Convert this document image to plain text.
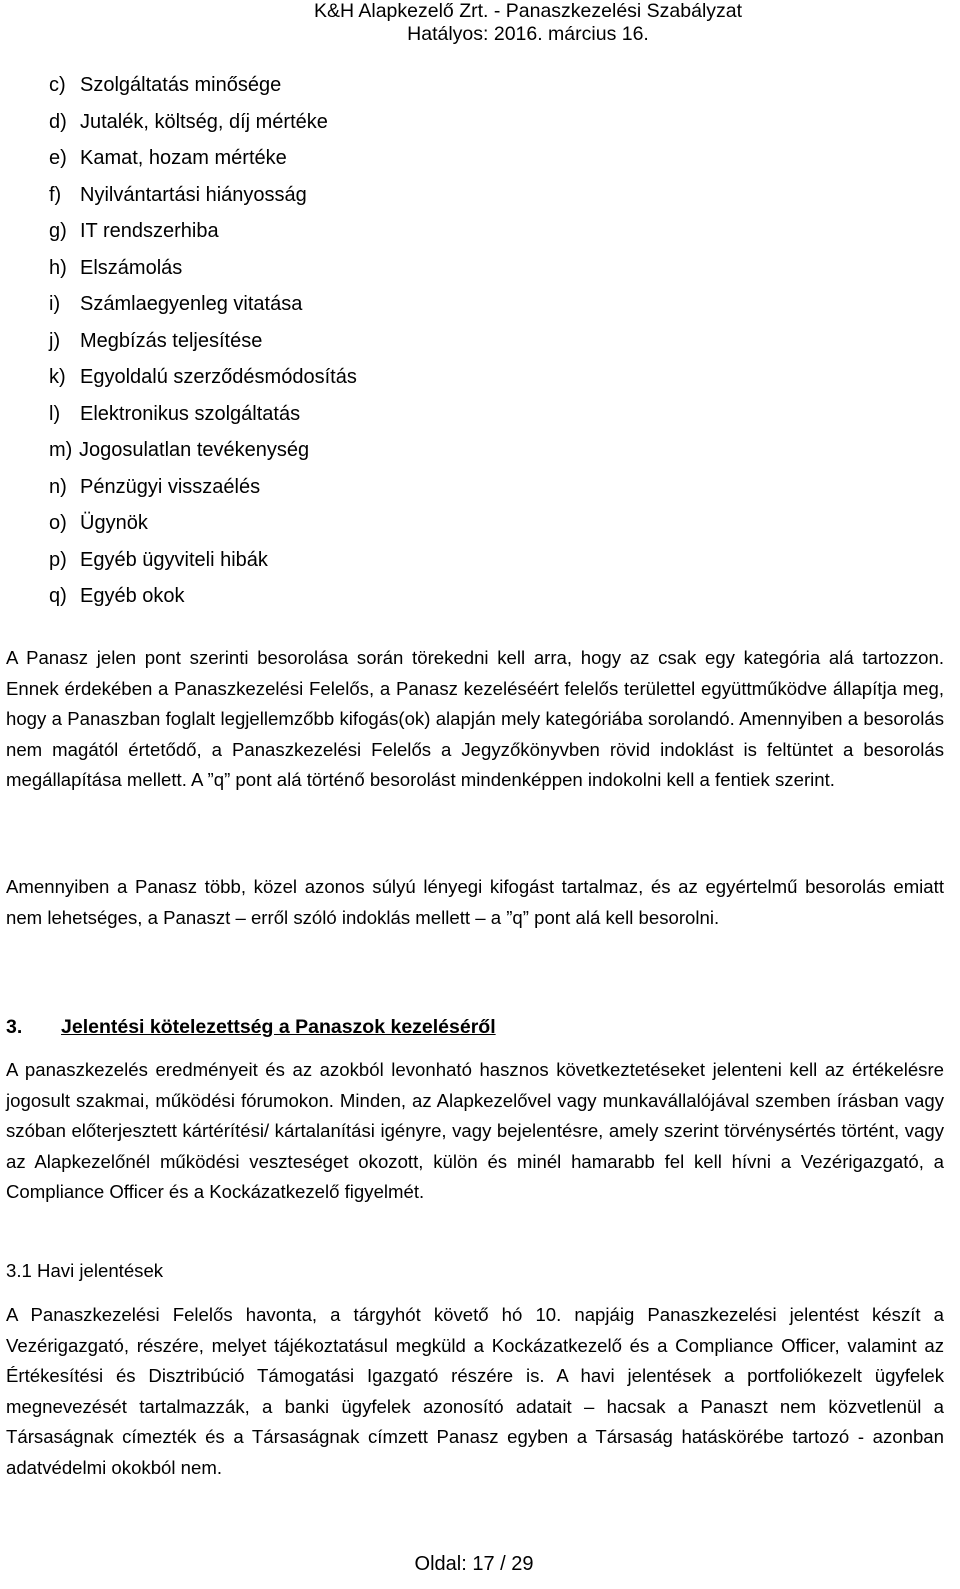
K&H Alapkezelő Zrt. - Panaszkezelési Szabályzat
Hatályos: 2016. március 16.
c) Szolgáltatás minősége
d) Jutalék, költség, díj mértéke
e) Kamat, hozam mértéke
f) Nyilvántartási hiányosság
g) IT rendszerhiba
h) Elszámolás
i) Számlaegyenleg vitatása
j) Megbízás teljesítése
k) Egyoldalú szerződésmódosítás
l) Elektronikus szolgáltatás
m) Jogosulatlan tevékenység
n) Pénzügyi visszaélés
o) Ügynök
p) Egyéb ügyviteli hibák
q) Egyéb okok

A Panasz jelen pont szerinti besorolása során törekedni kell arra, hogy az csak egy kategória alá tartozzon. Ennek érdekében a Panaszkezelési Felelős, a Panasz kezeléséért felelős területtel együttműködve állapítja meg, hogy a Panaszban foglalt legjellemzőbb kifogás(ok) alapján mely kategóriába sorolandó. Amennyiben a besorolás nem magától értetődő, a Panaszkezelési Felelős a Jegyzőkönyvben rövid indoklást is feltüntet a besorolás megállapítása mellett. A ”q” pont alá történő besorolást mindenképpen indokolni kell a fentiek szerint.

Amennyiben a Panasz több, közel azonos súlyú lényegi kifogást tartalmaz, és az egyértelmű besorolás emiatt nem lehetséges, a Panaszt – erről szóló indoklás mellett – a ”q” pont alá kell besorolni.

3. Jelentési kötelezettség a Panaszok kezeléséről

A panaszkezelés eredményeit és az azokból levonható hasznos következtetéseket jelenteni kell az értékelésre jogosult szakmai, működési fórumokon. Minden, az Alapkezelővel vagy munkavállalójával szemben írásban vagy szóban előterjesztett kártérítési/ kártalanítási igényre, vagy bejelentésre, amely szerint törvénysértés történt, vagy az Alapkezelőnél működési veszteséget okozott, külön és minél hamarabb fel kell hívni a Vezérigazgató, a Compliance Officer és a Kockázatkezelő figyelmét.

3.1 Havi jelentések

A Panaszkezelési Felelős havonta, a tárgyhót követő hó 10. napjáig Panaszkezelési jelentést készít a Vezérigazgató, részére, melyet tájékoztatásul megküld a Kockázatkezelő és a Compliance Officer, valamint az Értékesítési és Disztribúció Támogatási Igazgató részére is. A havi jelentések a portfoliókezelt ügyfelek megnevezését tartalmazzák, a banki ügyfelek azonosító adatait – hacsak a Panaszt nem közvetlenül a Társaságnak címezték és a Társaságnak címzett Panasz egyben a Társaság hatáskörébe tartozó - azonban adatvédelmi okokból nem.

Oldal: 17 / 29
